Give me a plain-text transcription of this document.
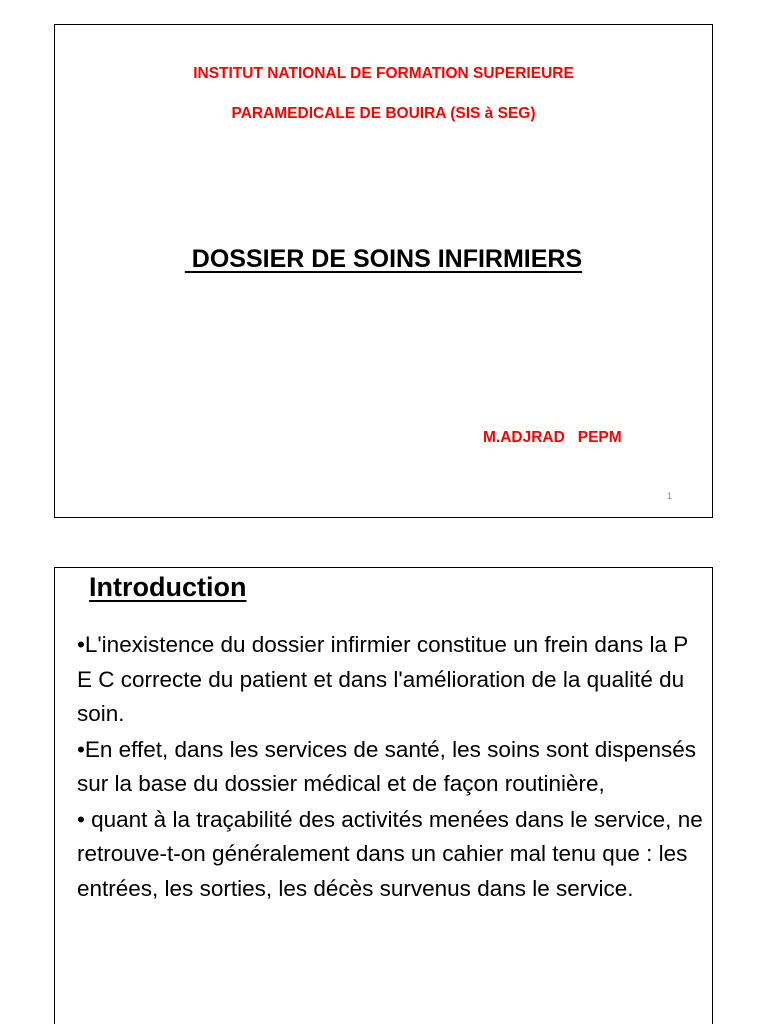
INSTITUT NATIONAL DE FORMATION SUPERIEURE
PARAMEDICALE DE BOUIRA (SIS à SEG)
DOSSIER DE SOINS INFIRMIERS
M.ADJRAD   PEPM
1
Introduction

•L'inexistence du dossier infirmier constitue un frein dans la P E C correcte du patient et dans l'amélioration de la qualité du soin.

•En effet, dans les services de santé, les soins sont dispensés sur la base du dossier médical et de façon routinière,

• quant à la traçabilité des activités menées dans le service, ne retrouve-t-on généralement dans un cahier mal tenu que : les entrées, les sorties, les décès survenus dans le service.
